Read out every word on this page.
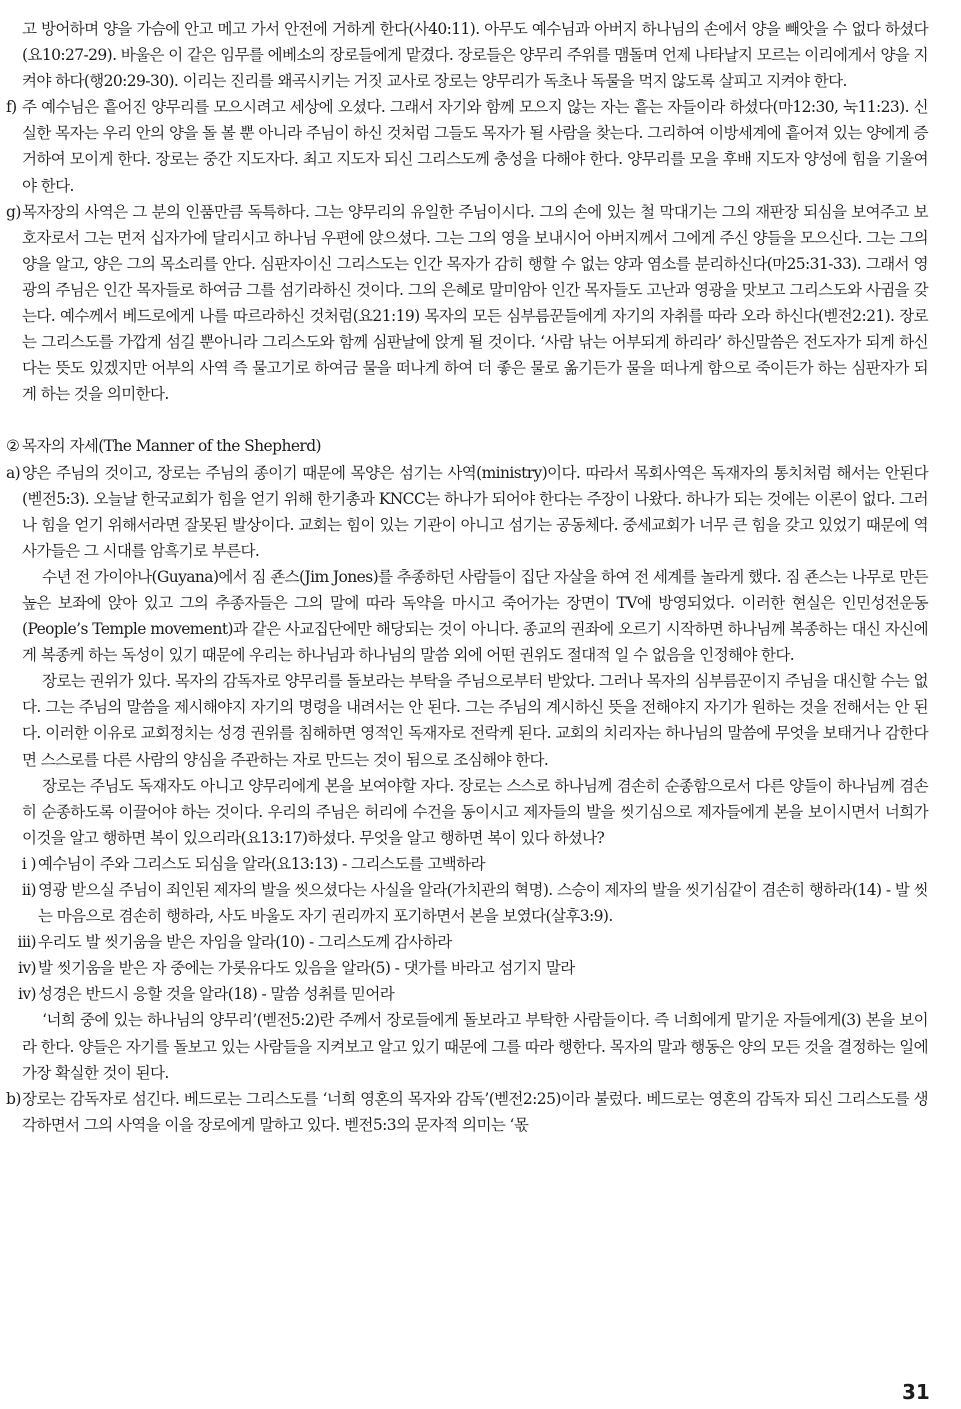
고 방어하며 양을 가슴에 안고 메고 가서 안전에 거하게 한다(사40:11). 아무도 예수님과 아버지 하나님의 손에서 양을 빼앗을 수 없다 하셨다(요10:27-29). 바울은 이 같은 임무를 에베소의 장로들에게 맡겼다. 장로들은 양무리 주위를 맴돌며 언제 나타날지 모르는 이리에게서 양을 지켜야 하다(행20:29-30). 이리는 진리를 왜곡시키는 거짓 교사로 장로는 양무리가 독초나 독물을 먹지 않도록 살피고 지켜야 한다.
f) 주 예수님은 흩어진 양무리를 모으시려고 세상에 오셨다. 그래서 자기와 함께 모으지 않는 자는 흩는 자들이라 하셨다(마12:30, 눅11:23). 신실한 목자는 우리 안의 양을 돌 볼 뿐 아니라 주님이 하신 것처럼 그들도 목자가 될 사람을 찾는다. 그리하여 이방세계에 흩어져 있는 양에게 증거하여 모이게 한다. 장로는 중간 지도자다. 최고 지도자 되신 그리스도께 충성을 다해야 한다. 양무리를 모을 후배 지도자 양성에 힘을 기울여야 한다.
g) 목자장의 사역은 그 분의 인품만큼 독특하다. 그는 양무리의 유일한 주님이시다. 그의 손에 있는 철 막대기는 그의 재판장 되심을 보여주고 보호자로서 그는 먼저 십자가에 달리시고 하나님 우편에 앉으셨다. 그는 그의 영을 보내시어 아버지께서 그에게 주신 양들을 모으신다. 그는 그의 양을 알고, 양은 그의 목소리를 안다. 심판자이신 그리스도는 인간 목자가 감히 행할 수 없는 양과 염소를 분리하신다(마25:31-33). 그래서 영광의 주님은 인간 목자들로 하여금 그를 섬기라하신 것이다. 그의 은혜로 말미암아 인간 목자들도 고난과 영광을 맛보고 그리스도와 사귐을 갖는다. 예수께서 베드로에게 나를 따르라하신 것처럼(요21:19) 목자의 모든 심부름꾼들에게 자기의 자취를 따라 오라 하신다(벧전2:21). 장로는 그리스도를 가깝게 섬길 뿐아니라 그리스도와 함께 심판날에 앉게 될 것이다. ‘사람 낚는 어부되게 하리라’ 하신말씀은 전도자가 되게 하신다는 뜻도 있겠지만 어부의 사역 즉 물고기로 하여금 물을 떠나게 하여 더 좋은 물로 옮기든가 물을 떠나게 함으로 죽이든가 하는 심판자가 되게 하는 것을 의미한다.
② 목자의 자세(The Manner of the Shepherd)
a) 양은 주님의 것이고, 장로는 주님의 종이기 때문에 목양은 섬기는 사역(ministry)이다. 따라서 목회사역은 독재자의 통치처럼 해서는 안된다(벧전5:3). 오늘날 한국교회가 힘을 얻기 위해 한기총과 KNCC는 하나가 되어야 한다는 주장이 나왔다. 하나가 되는 것에는 이론이 없다. 그러나 힘을 얻기 위해서라면 잘못된 발상이다. 교회는 힘이 있는 기관이 아니고 섬기는 공동체다. 중세교회가 너무 큰 힘을 갖고 있었기 때문에 역사가들은 그 시대를 암흑기로 부른다.
수년 전 가이아나(Guyana)에서 짐 죤스(Jim Jones)를 추종하던 사람들이 집단 자살을 하여 전 세계를 놀라게 했다. 짐 죤스는 나무로 만든 높은 보좌에 앉아 있고 그의 추종자들은 그의 말에 따라 독약을 마시고 죽어가는 장면이 TV에 방영되었다. 이러한 현실은 인민성전운동(People’s Temple movement)과 같은 사교집단에만 해당되는 것이 아니다. 종교의 권좌에 오르기 시작하면 하나님께 복종하는 대신 자신에게 복종케 하는 독성이 있기 때문에 우리는 하나님과 하나님의 말씀 외에 어떤 권위도 절대적 일 수 없음을 인정해야 한다.
장로는 권위가 있다. 목자의 감독자로 양무리를 돌보라는 부탁을 주님으로부터 받았다. 그러나 목자의 심부름꾼이지 주님을 대신할 수는 없다. 그는 주님의 말씀을 제시해야지 자기의 명령을 내려서는 안 된다. 그는 주님의 계시하신 뜻을 전해야지 자기가 원하는 것을 전해서는 안 된다. 이러한 이유로 교회정치는 성경 권위를 침해하면 영적인 독재자로 전락케 된다. 교회의 치리자는 하나님의 말씀에 무엇을 보태거나 감한다면 스스로를 다른 사람의 양심을 주관하는 자로 만드는 것이 됨으로 조심해야 한다.
장로는 주님도 독재자도 아니고 양무리에게 본을 보여야할 자다. 장로는 스스로 하나님께 겸손히 순종함으로서 다른 양들이 하나님께 겸손히 순종하도록 이끌어야 하는 것이다. 우리의 주님은 허리에 수건을 동이시고 제자들의 발을 씻기심으로 제자들에게 본을 보이시면서 너희가 이것을 알고 행하면 복이 있으리라(요13:17)하셨다. 무엇을 알고 행하면 복이 있다 하셨나?
i ) 예수님이 주와 그리스도 되심을 알라(요13:13) - 그리스도를 고백하라
ii) 영광 받으실 주님이 죄인된 제자의 발을 씻으셨다는 사실을 알라(가치관의 혁명). 스승이 제자의 발을 씻기심같이 겸손히 행하라(14) - 발 씻는 마음으로 겸손히 행하라, 사도 바울도 자기 권리까지 포기하면서 본을 보였다(살후3:9).
iii) 우리도 발 씻기움을 받은 자임을 알라(10) - 그리스도께 감사하라
iv) 발 씻기움을 받은 자 중에는 가롯유다도 있음을 알라(5) - 댓가를 바라고 섬기지 말라
iv) 성경은 반드시 응할 것을 알라(18) - 말씀 성취를 믿어라
‘너희 중에 있는 하나님의 양무리’(벧전5:2)란 주께서 장로들에게 돌보라고 부탁한 사람들이다. 즉 너희에게 맡기운 자들에게(3) 본을 보이라 한다. 양들은 자기를 돌보고 있는 사람들을 지켜보고 알고 있기 때문에 그를 따라 행한다. 목자의 말과 행동은 양의 모든 것을 결정하는 일에 가장 확실한 것이 된다.
b) 장로는 감독자로 섬긴다. 베드로는 그리스도를 ‘너희 영혼의 목자와 감독’(벧전2:25)이라 불렀다. 베드로는 영혼의 감독자 되신 그리스도를 생각하면서 그의 사역을 이을 장로에게 말하고 있다. 벧전5:3의 문자적 의미는 ‘몫
31
